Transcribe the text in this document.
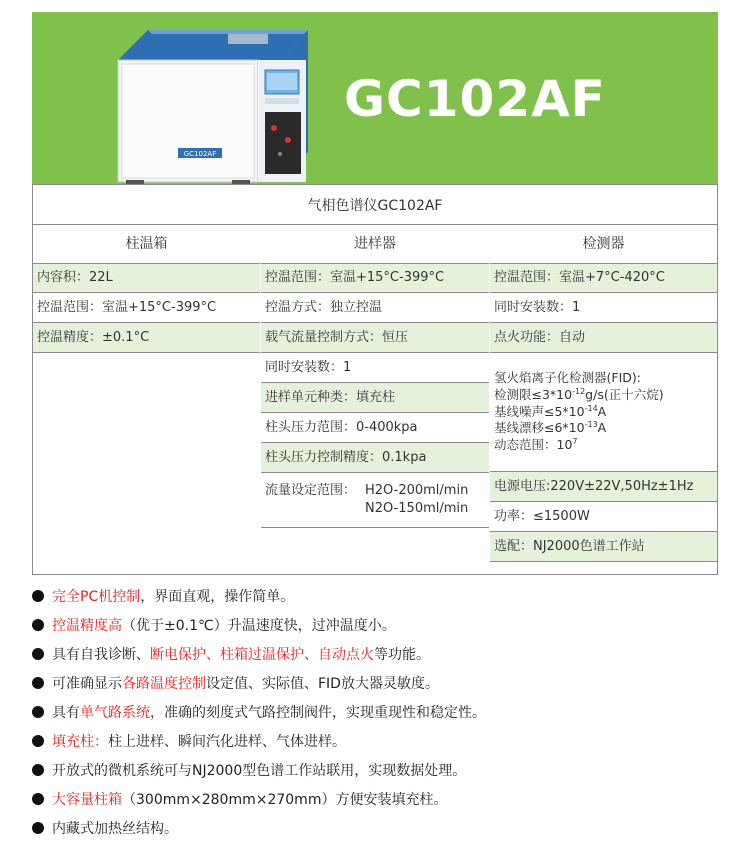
GC102AF
GC102AF
气相色谱仪GC102AF
柱温箱
内容积：22L
控温范围：室温+15°C-399°C
控温精度：±0.1°C
进样器
控温范围：室温+15°C-399°C
控温方式：独立控温
载气流量控制方式：恒压
同时安装数：1
进样单元种类：填充柱
柱头压力范围：0-400kpa
柱头压力控制精度：0.1kpa
流量设定范围： H2O-200ml/min
N2O-150ml/min
检测器
控温范围：室温+7°C-420°C
同时安装数：1
点火功能：自动
氢火焰离子化检测器(FID):
检测限$\le 3*10^{-12}g/s$(正十六烷)
基线噪声$\le 5*10^{-14}A$
基线漂移$\le 6*10^{-13}A$
动态范围：$10^7$
电源电压:220V±22V,50Hz±1Hz
功率：≤1500W
选配：NJ2000色谱工作站
完全PC机控制 ，界面直观，操作简单。
控温精度高 （优于±0.1℃）升温速度快，过冲温度小。
具有自我诊断、 断电保护、柱箱过温保护、自动点火 等功能。
可准确显示 各路温度控制 设定值、实际值、FID放大器灵敏度。
具有 单气路系统 ，准确的刻度式气路控制阀件，实现重现性和稳定性。
填充柱： 柱上进样、瞬间汽化进样、气体进样。
开放式的微机系统可与NJ2000型色谱工作站联用，实现数据处理。
大容量柱箱 （300mm×280mm×270mm）方便安装填充柱。
内藏式加热丝结构。
